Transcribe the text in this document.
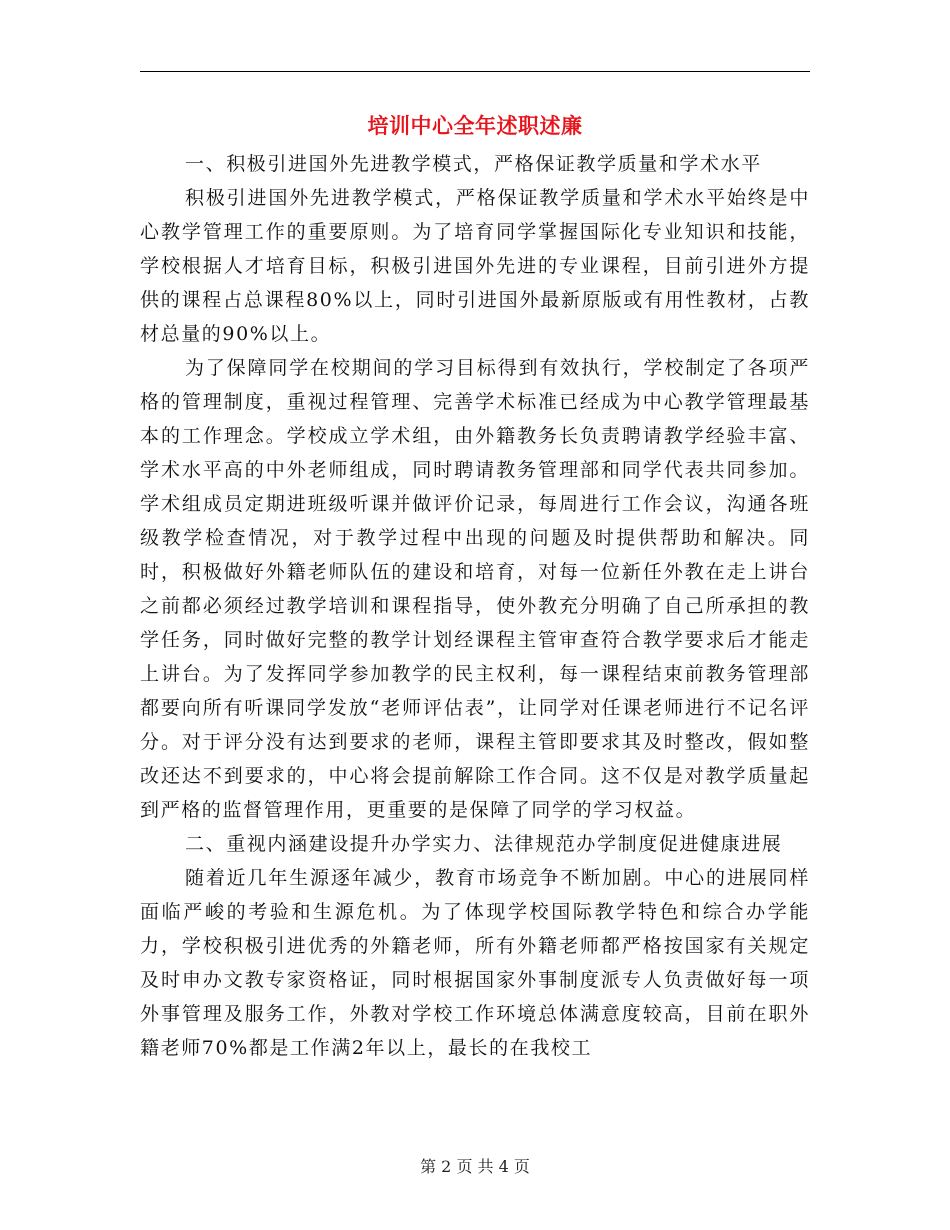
培训中心全年述职述廉

一、积极引进国外先进教学模式，严格保证教学质量和学术水平

积极引进国外先进教学模式，严格保证教学质量和学术水平始终是中心教学管理工作的重要原则。为了培育同学掌握国际化专业知识和技能，学校根据人才培育目标，积极引进国外先进的专业课程，目前引进外方提供的课程占总课程80%以上，同时引进国外最新原版或有用性教材，占教材总量的90%以上。

为了保障同学在校期间的学习目标得到有效执行，学校制定了各项严格的管理制度，重视过程管理、完善学术标准已经成为中心教学管理最基本的工作理念。学校成立学术组，由外籍教务长负责聘请教学经验丰富、学术水平高的中外老师组成，同时聘请教务管理部和同学代表共同参加。学术组成员定期进班级听课并做评价记录，每周进行工作会议，沟通各班级教学检查情况，对于教学过程中出现的问题及时提供帮助和解决。同时，积极做好外籍老师队伍的建设和培育，对每一位新任外教在走上讲台之前都必须经过教学培训和课程指导，使外教充分明确了自己所承担的教学任务，同时做好完整的教学计划经课程主管审查符合教学要求后才能走上讲台。为了发挥同学参加教学的民主权利，每一课程结束前教务管理部都要向所有听课同学发放“老师评估表”，让同学对任课老师进行不记名评分。对于评分没有达到要求的老师，课程主管即要求其及时整改，假如整改还达不到要求的，中心将会提前解除工作合同。这不仅是对教学质量起到严格的监督管理作用，更重要的是保障了同学的学习权益。

二、重视内涵建设提升办学实力、法律规范办学制度促进健康进展

随着近几年生源逐年减少，教育市场竞争不断加剧。中心的进展同样面临严峻的考验和生源危机。为了体现学校国际教学特色和综合办学能力，学校积极引进优秀的外籍老师，所有外籍老师都严格按国家有关规定及时申办文教专家资格证，同时根据国家外事制度派专人负责做好每一项外事管理及服务工作，外教对学校工作环境总体满意度较高，目前在职外籍老师70%都是工作满2年以上，最长的在我校工

第 2 页 共 4 页
